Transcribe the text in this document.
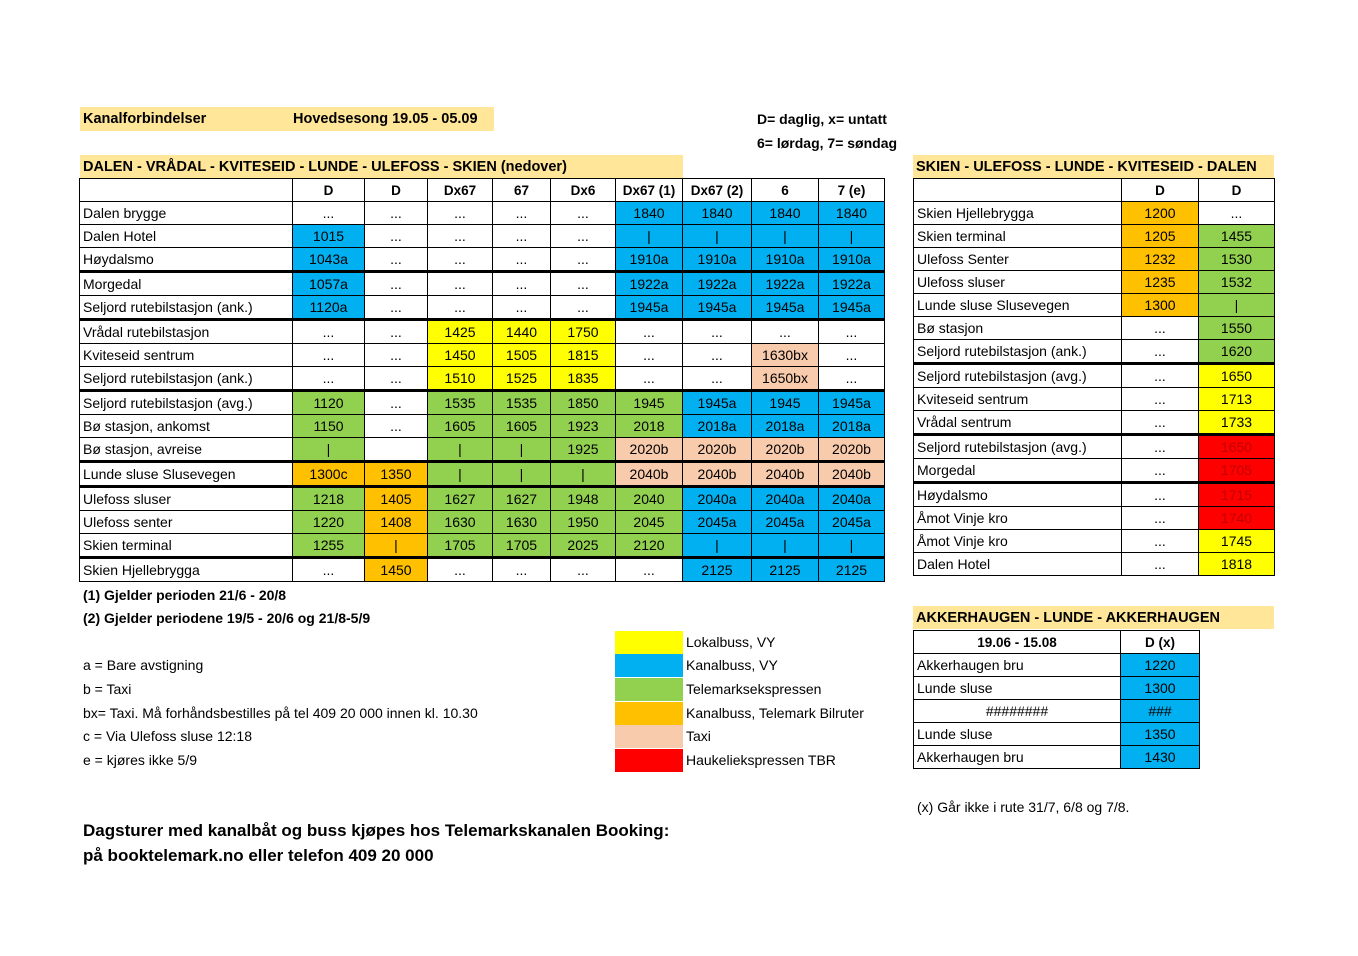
Kanalforbindelser	Hovedsesong 19.05 - 05.09	D= daglig, x= untatt
6= lørdag, 7= søndag
DALEN - VRÅDAL - KVITESEID - LUNDE - ULEFOSS - SKIEN (nedover)
	D	D	Dx67	67	Dx6	Dx67 (1)	Dx67 (2)	6	7 (e)
Dalen brygge	...	...	...	...	...	1840	1840	1840	1840
Dalen Hotel	1015	...	...	...	...	|	|	|	|
Høydalsmo	1043a	...	...	...	...	1910a	1910a	1910a	1910a
Morgedal	1057a	...	...	...	...	1922a	1922a	1922a	1922a
Seljord rutebilstasjon (ank.)	1120a	...	...	...	...	1945a	1945a	1945a	1945a
Vrådal rutebilstasjon	...	...	1425	1440	1750	...	...	...	...
Kviteseid sentrum	...	...	1450	1505	1815	...	...	1630bx	...
Seljord rutebilstasjon (ank.)	...	...	1510	1525	1835	...	...	1650bx	...
Seljord rutebilstasjon (avg.)	1120	...	1535	1535	1850	1945	1945a	1945	1945a
Bø stasjon, ankomst	1150	...	1605	1605	1923	2018	2018a	2018a	2018a
Bø stasjon, avreise	|		|	|	1925	2020b	2020b	2020b	2020b
Lunde sluse Slusevegen	1300c	1350	|	|	|	2040b	2040b	2040b	2040b
Ulefoss sluser	1218	1405	1627	1627	1948	2040	2040a	2040a	2040a
Ulefoss senter	1220	1408	1630	1630	1950	2045	2045a	2045a	2045a
Skien terminal	1255	|	1705	1705	2025	2120	|	|	|
Skien Hjellebrygga	...	1450	...	...	...	...	2125	2125	2125
SKIEN - ULEFOSS - LUNDE - KVITESEID - DALEN
	D	D
Skien Hjellebrygga	1200	...
Skien terminal	1205	1455
Ulefoss Senter	1232	1530
Ulefoss sluser	1235	1532
Lunde sluse Slusevegen	1300	|
Bø stasjon	...	1550
Seljord rutebilstasjon (ank.)	...	1620
Seljord rutebilstasjon (avg.)	...	1650
Kviteseid sentrum	...	1713
Vrådal sentrum	...	1733
Seljord rutebilstasjon (avg.)	...	1650
Morgedal	...	1705
Høydalsmo	...	1715
Åmot Vinje kro	...	1740
Åmot Vinje kro	...	1745
Dalen Hotel	...	1818
(1) Gjelder perioden 21/6 - 20/8
(2) Gjelder periodene 19/5 - 20/6 og 21/8-5/9
a = Bare avstigning
b = Taxi
bx= Taxi. Må forhåndsbestilles på tel 409 20 000 innen kl. 10.30
c = Via Ulefoss sluse 12:18
e = kjøres ikke 5/9
Lokalbuss, VY
Kanalbuss, VY
Telemarksekspressen
Kanalbuss, Telemark Bilruter
Taxi
Haukeliekspressen TBR
AKKERHAUGEN - LUNDE - AKKERHAUGEN
19.06 - 15.08	D (x)
Akkerhaugen bru	1220
Lunde sluse	1300
########	###
Lunde sluse	1350
Akkerhaugen bru	1430
(x) Går ikke i rute 31/7, 6/8 og 7/8.
Dagsturer med kanalbåt og buss kjøpes hos Telemarkskanalen Booking:
på booktelemark.no eller telefon 409 20 000
